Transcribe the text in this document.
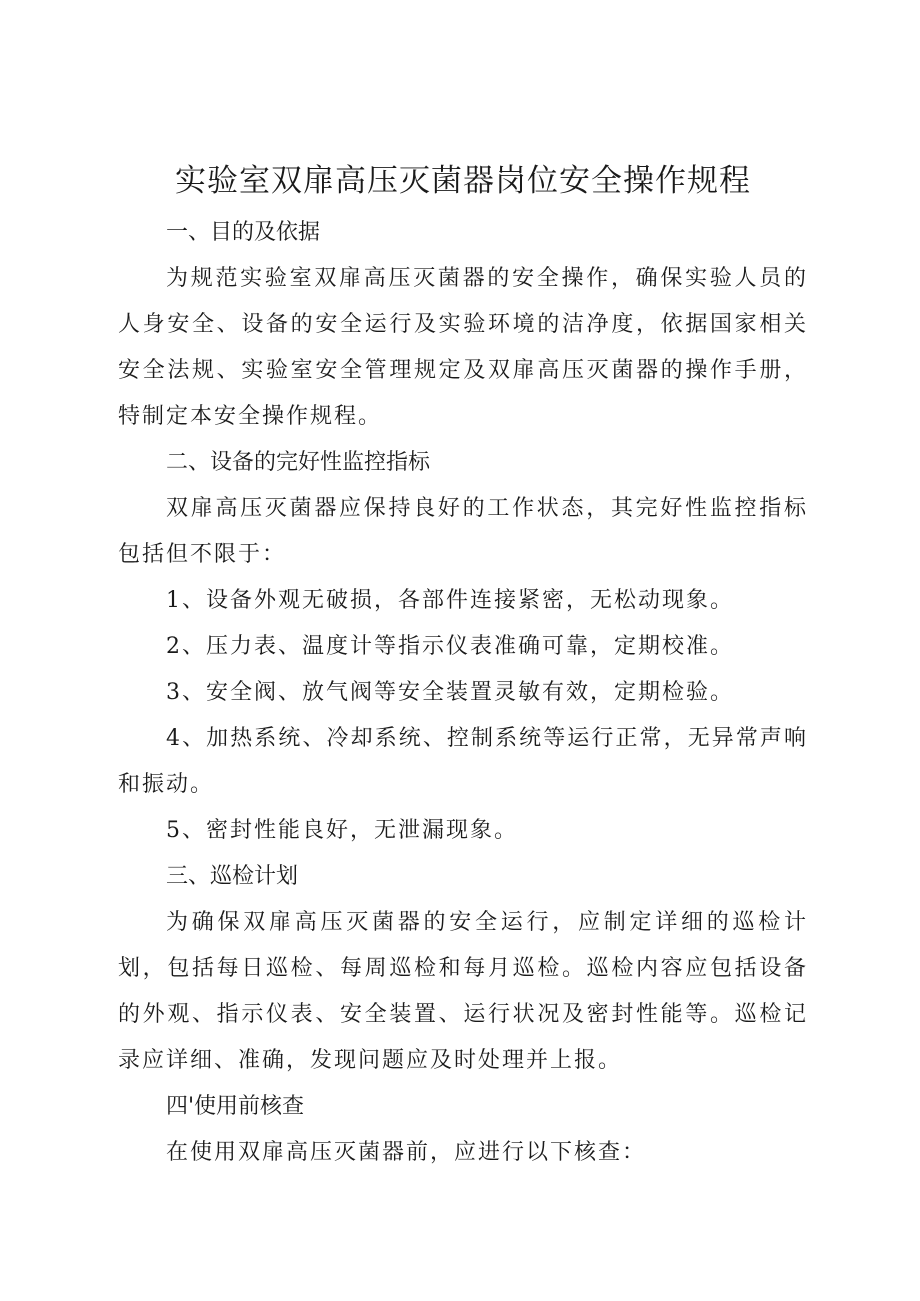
实验室双扉高压灭菌器岗位安全操作规程
一、目的及依据

为规范实验室双扉高压灭菌器的安全操作，确保实验人员的人身安全、设备的安全运行及实验环境的洁净度，依据国家相关安全法规、实验室安全管理规定及双扉高压灭菌器的操作手册，特制定本安全操作规程。

二、设备的完好性监控指标

双扉高压灭菌器应保持良好的工作状态，其完好性监控指标包括但不限于：

1、设备外观无破损，各部件连接紧密，无松动现象。

2、压力表、温度计等指示仪表准确可靠，定期校准。

3、安全阀、放气阀等安全装置灵敏有效，定期检验。

4、加热系统、冷却系统、控制系统等运行正常，无异常声响和振动。

5、密封性能良好，无泄漏现象。

三、巡检计划

为确保双扉高压灭菌器的安全运行，应制定详细的巡检计划，包括每日巡检、每周巡检和每月巡检。巡检内容应包括设备的外观、指示仪表、安全装置、运行状况及密封性能等。巡检记录应详细、准确，发现问题应及时处理并上报。

四'使用前核查

在使用双扉高压灭菌器前，应进行以下核查：
